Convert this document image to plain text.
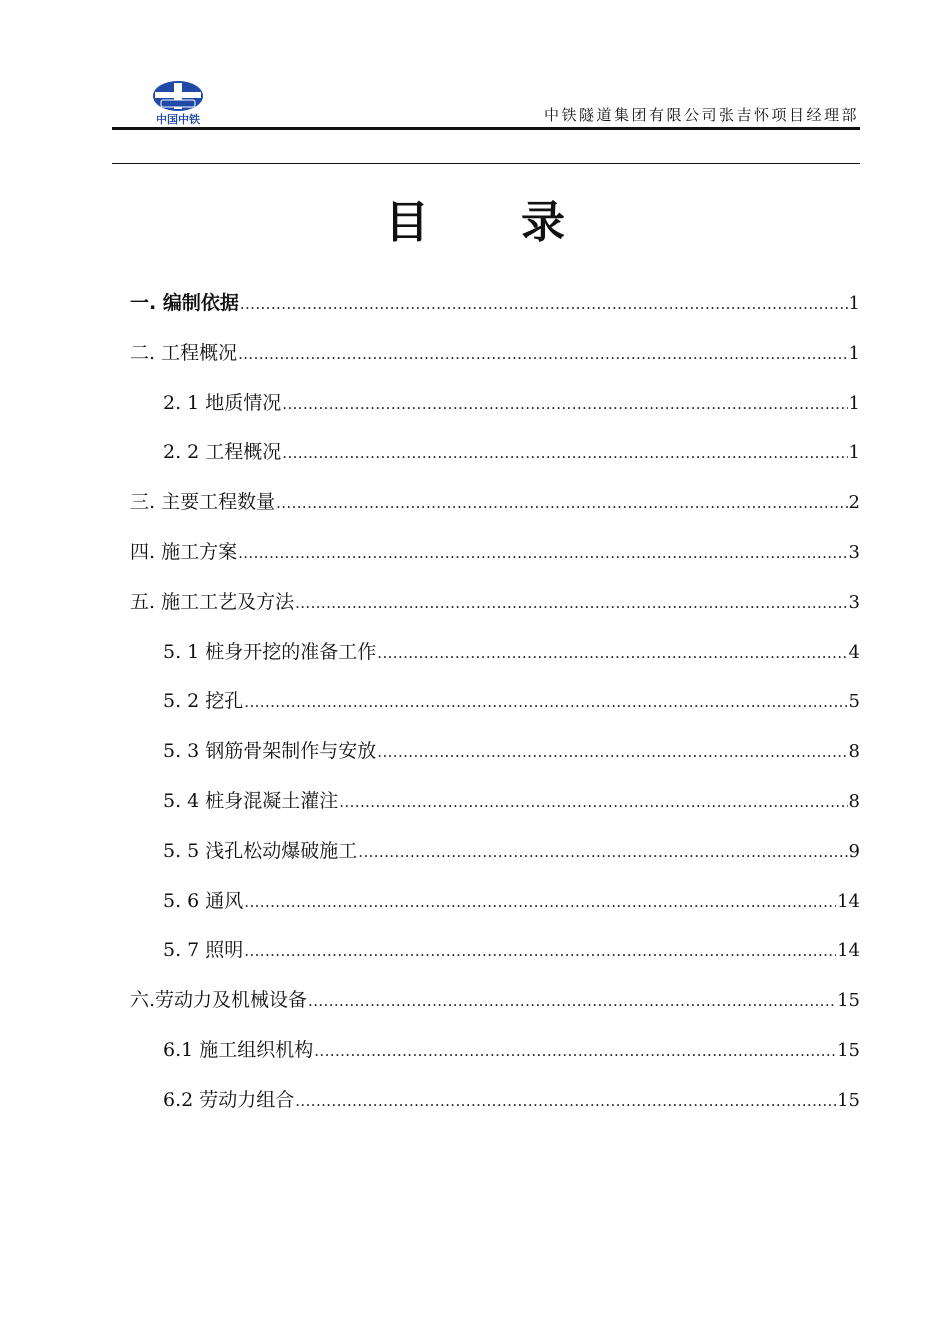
中国中铁	中铁隧道集团有限公司张吉怀项目经理部
目录
一. 编制依据 .....	1
二. 工程概况 .....	1
2. 1 地质情况 .....	1
2. 2 工程概况 .....	1
三. 主要工程数量 .....	2
四. 施工方案 .....	3
五. 施工工艺及方法 .....	3
5. 1 桩身开挖的准备工作 .....	4
5. 2 挖孔 .....	5
5. 3 钢筋骨架制作与安放 .....	8
5. 4 桩身混凝土灌注 .....	8
5. 5 浅孔松动爆破施工 .....	9
5. 6 通风 .....	14
5. 7 照明 .....	14
六.劳动力及机械设备 .....	15
6.1 施工组织机构 .....	15
6.2 劳动力组合 .....	15
